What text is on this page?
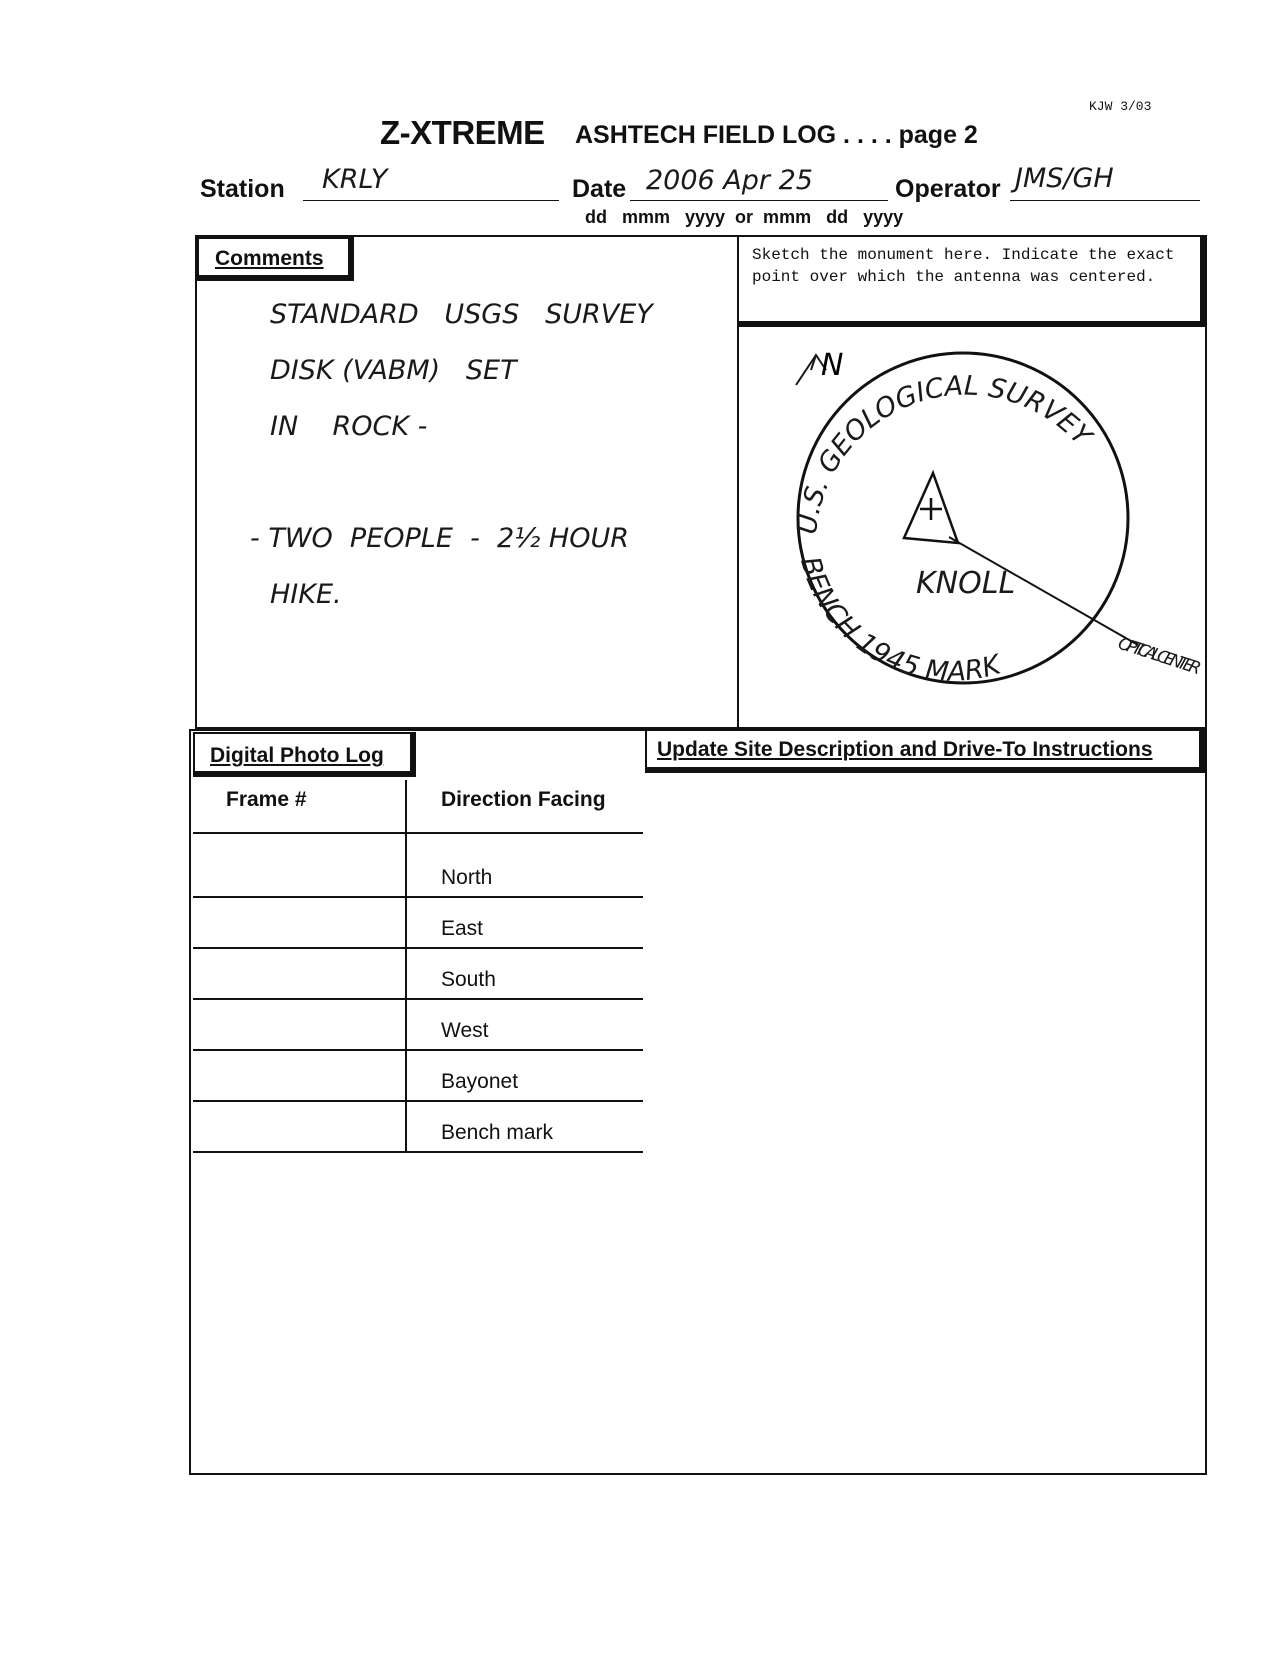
KJW 3/03
Z-XTREME ASHTECH FIELD LOG . . . . page 2
Station KRLY	Date 2006 Apr 25	Operator JMS/GH
dd   mmm   yyyy  or  mmm   dd   yyyy
Comments
STANDARD   USGS   SURVEY
DISK (VABM)   SET
IN    ROCK -
- TWO  PEOPLE  -  2½ HOUR
HIKE.
Sketch the monument here. Indicate the exact point over which the antenna was centered.
N
U.S. GEOLOGICAL SURVEY
KNOLL
BENCH 1945 MARK
OPTICAL CENTER
Digital Photo Log	Update Site Description and Drive-To Instructions
Frame #	Direction Facing
	North
	East
	South
	West
	Bayonet
	Bench mark
